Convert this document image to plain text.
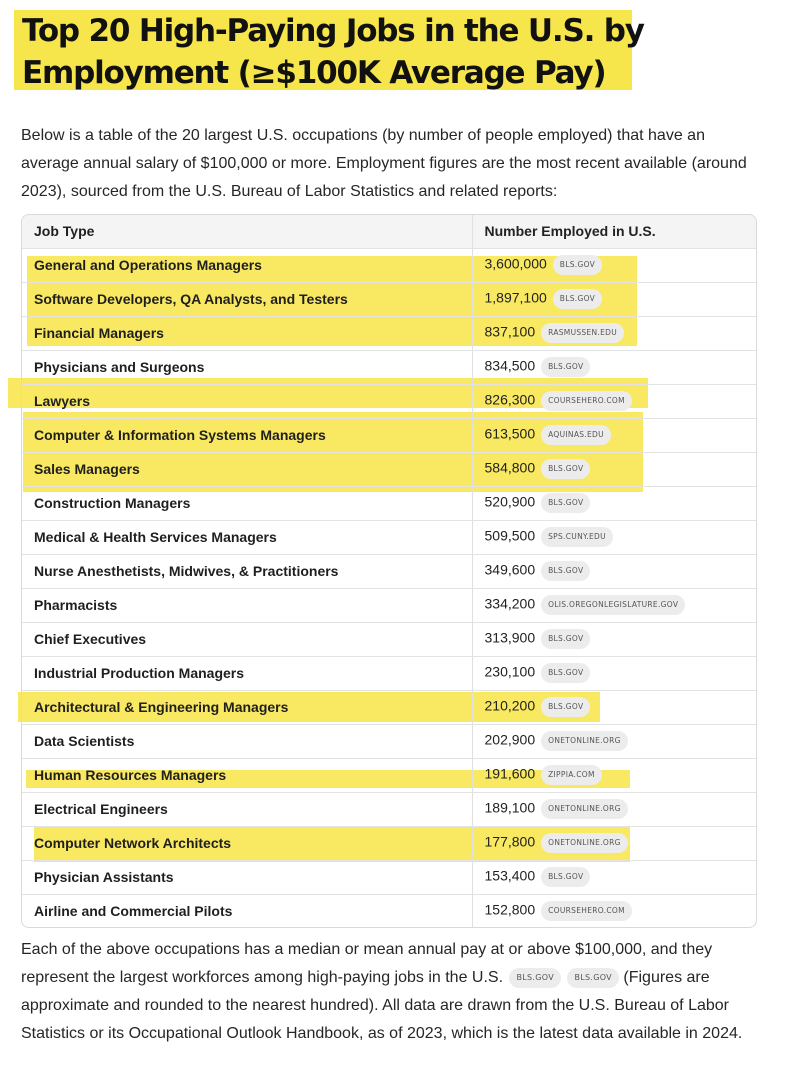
Top 20 High-Paying Jobs in the U.S. by Employment (≥$100K Average Pay)

Below is a table of the 20 largest U.S. occupations (by number of people employed) that have an average annual salary of $100,000 or more. Employment figures are the most recent available (around 2023), sourced from the U.S. Bureau of Labor Statistics and related reports:

Job Type	Number Employed in U.S.
General and Operations Managers	3,600,000 BLS.GOV
Software Developers, QA Analysts, and Testers	1,897,100 BLS.GOV
Financial Managers	837,100 RASMUSSEN.EDU
Physicians and Surgeons	834,500 BLS.GOV
Lawyers	826,300 COURSEHERO.COM
Computer & Information Systems Managers	613,500 AQUINAS.EDU
Sales Managers	584,800 BLS.GOV
Construction Managers	520,900 BLS.GOV
Medical & Health Services Managers	509,500 SPS.CUNY.EDU
Nurse Anesthetists, Midwives, & Practitioners	349,600 BLS.GOV
Pharmacists	334,200 OLIS.OREGONLEGISLATURE.GOV
Chief Executives	313,900 BLS.GOV
Industrial Production Managers	230,100 BLS.GOV
Architectural & Engineering Managers	210,200 BLS.GOV
Data Scientists	202,900 ONETONLINE.ORG
Human Resources Managers	191,600 ZIPPIA.COM
Electrical Engineers	189,100 ONETONLINE.ORG
Computer Network Architects	177,800 ONETONLINE.ORG
Physician Assistants	153,400 BLS.GOV
Airline and Commercial Pilots	152,800 COURSEHERO.COM

Each of the above occupations has a median or mean annual pay at or above $100,000, and they represent the largest workforces among high-paying jobs in the U.S. BLS.GOV	BLS.GOV (Figures are approximate and rounded to the nearest hundred). All data are drawn from the U.S. Bureau of Labor Statistics or its Occupational Outlook Handbook, as of 2023, which is the latest data available in 2024.
